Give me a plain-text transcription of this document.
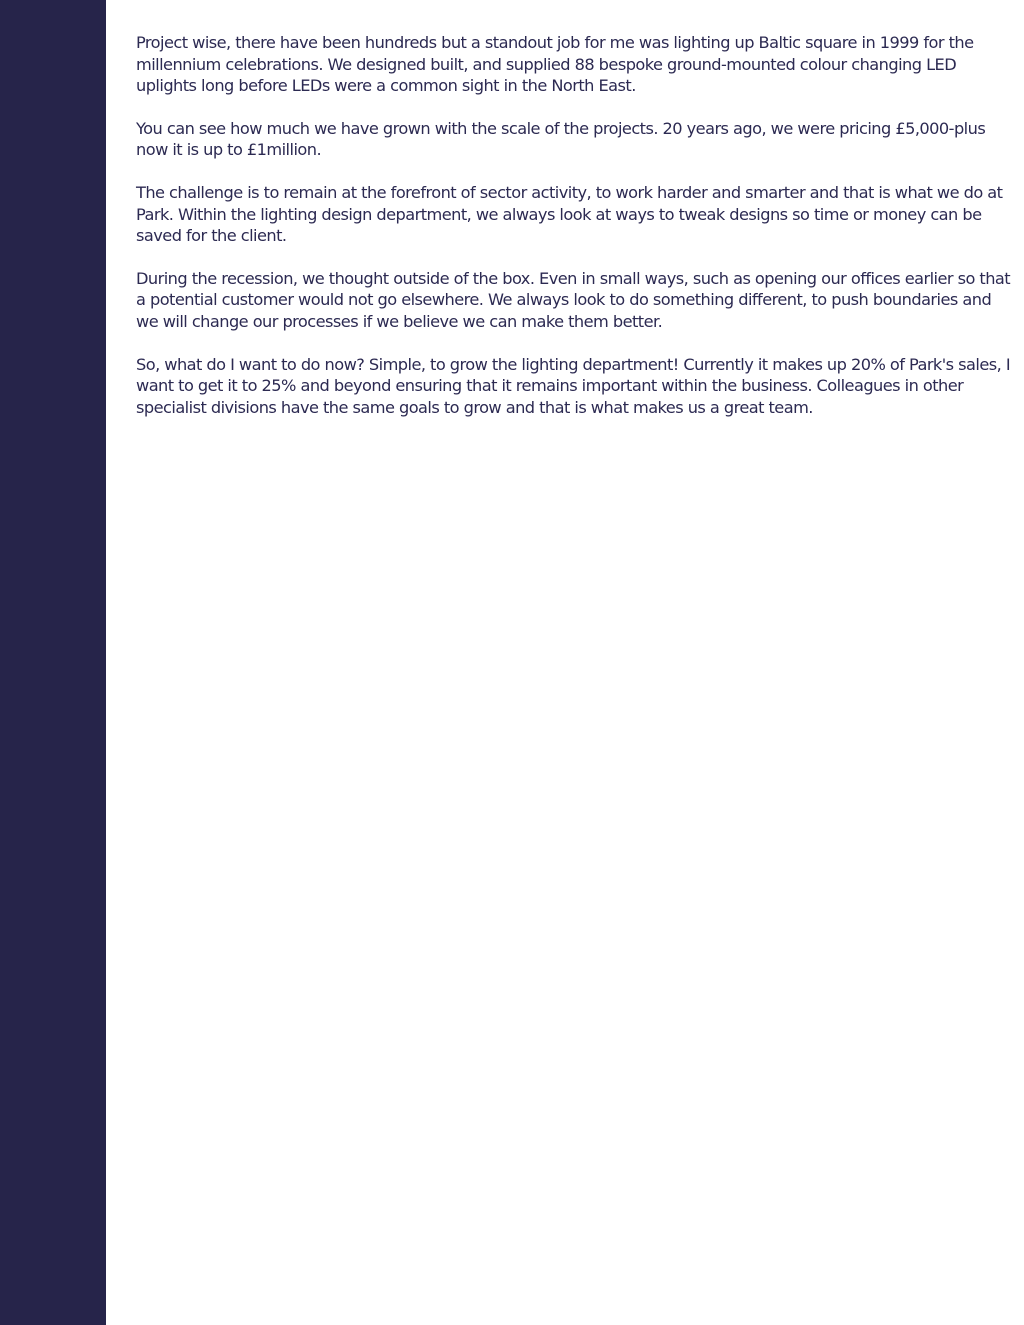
Project wise, there have been hundreds but a standout job for me was lighting up Baltic square in 1999 for the millennium celebrations. We designed built, and supplied 88 bespoke ground-mounted colour changing LED uplights long before LEDs were a common sight in the North East.

You can see how much we have grown with the scale of the projects. 20 years ago, we were pricing £5,000-plus now it is up to £1million.

The challenge is to remain at the forefront of sector activity, to work harder and smarter and that is what we do at Park. Within the lighting design department, we always look at ways to tweak designs so time or money can be saved for the client.

During the recession, we thought outside of the box. Even in small ways, such as opening our offices earlier so that a potential customer would not go elsewhere. We always look to do something different, to push boundaries and we will change our processes if we believe we can make them better.

So, what do I want to do now? Simple, to grow the lighting department! Currently it makes up 20% of Park's sales, I want to get it to 25% and beyond ensuring that it remains important within the business. Colleagues in other specialist divisions have the same goals to grow and that is what makes us a great team.
